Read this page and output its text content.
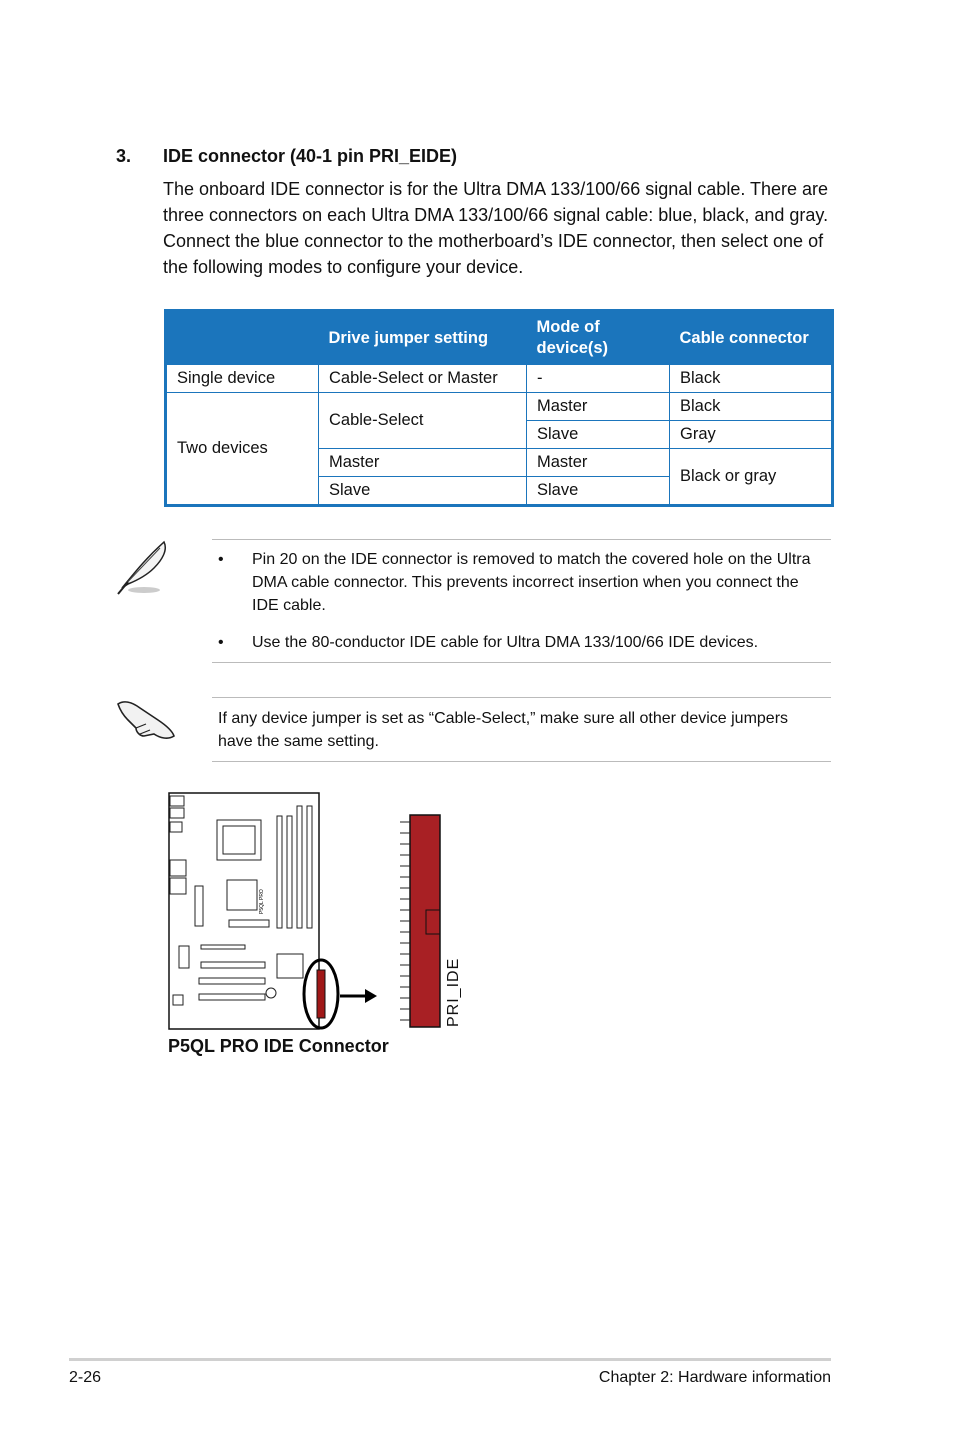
3. IDE connector (40-1 pin PRI_EIDE)

The onboard IDE connector is for the Ultra DMA 133/100/66 signal cable. There are three connectors on each Ultra DMA 133/100/66 signal cable: blue, black, and gray. Connect the blue connector to the motherboard’s IDE connector, then select one of the following modes to configure your device.

	Drive jumper setting	Mode of device(s)	Cable connector
Single device	Cable-Select or Master	-	Black
Two devices	Cable-Select	Master	Black
		Slave	Gray
	Master	Master	Black or gray
	Slave	Slave	
• Pin 20 on the IDE connector is removed to match the covered hole on the Ultra DMA cable connector. This prevents incorrect insertion when you connect the IDE cable.
• Use the 80-conductor IDE cable for Ultra DMA 133/100/66 IDE devices.
If any device jumper is set as “Cable-Select,” make sure all other device jumpers have the same setting.
P5QL PRO
PRI_IDE
P5QL PRO IDE Connector
2-26	Chapter 2: Hardware information
